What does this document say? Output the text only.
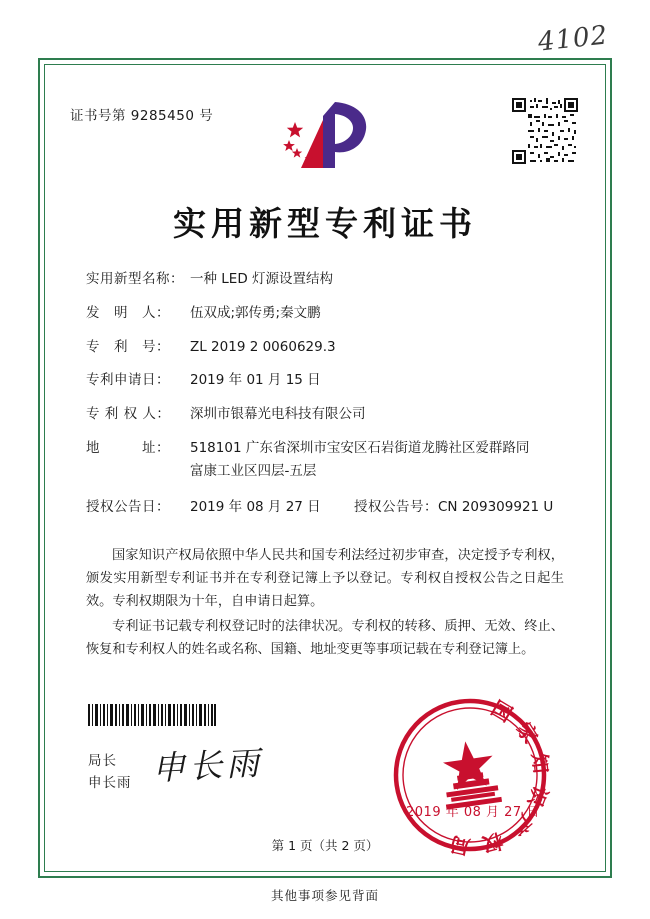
4102
证书号第 9285450 号
实用新型专利证书
实用新型名称： 一种 LED 灯源设置结构
发　明　人： 伍双成;郭传勇;秦文鹏
专　利　号： ZL 2019 2 0060629.3
专利申请日： 2019 年 01 月 15 日
专 利 权 人： 深圳市银幕光电科技有限公司
地　　　址： 518101 广东省深圳市宝安区石岩街道龙腾社区爱群路同
富康工业区四层-五层
授权公告日： 2019 年 08 月 27 日 授权公告号：CN 209309921 U

国家知识产权局依照中华人民共和国专利法经过初步审查，决定授予专利权，颁发实用新型专利证书并在专利登记簿上予以登记。专利权自授权公告之日起生效。专利权期限为十年，自申请日起算。

专利证书记载专利权登记时的法律状况。专利权的转移、质押、无效、终止、恢复和专利权人的姓名或名称、国籍、地址变更等事项记载在专利登记簿上。

局长
申长雨 申长雨
国家知识产权局
2019 年 08 月 27 日
第 1 页（共 2 页）
其他事项参见背面
